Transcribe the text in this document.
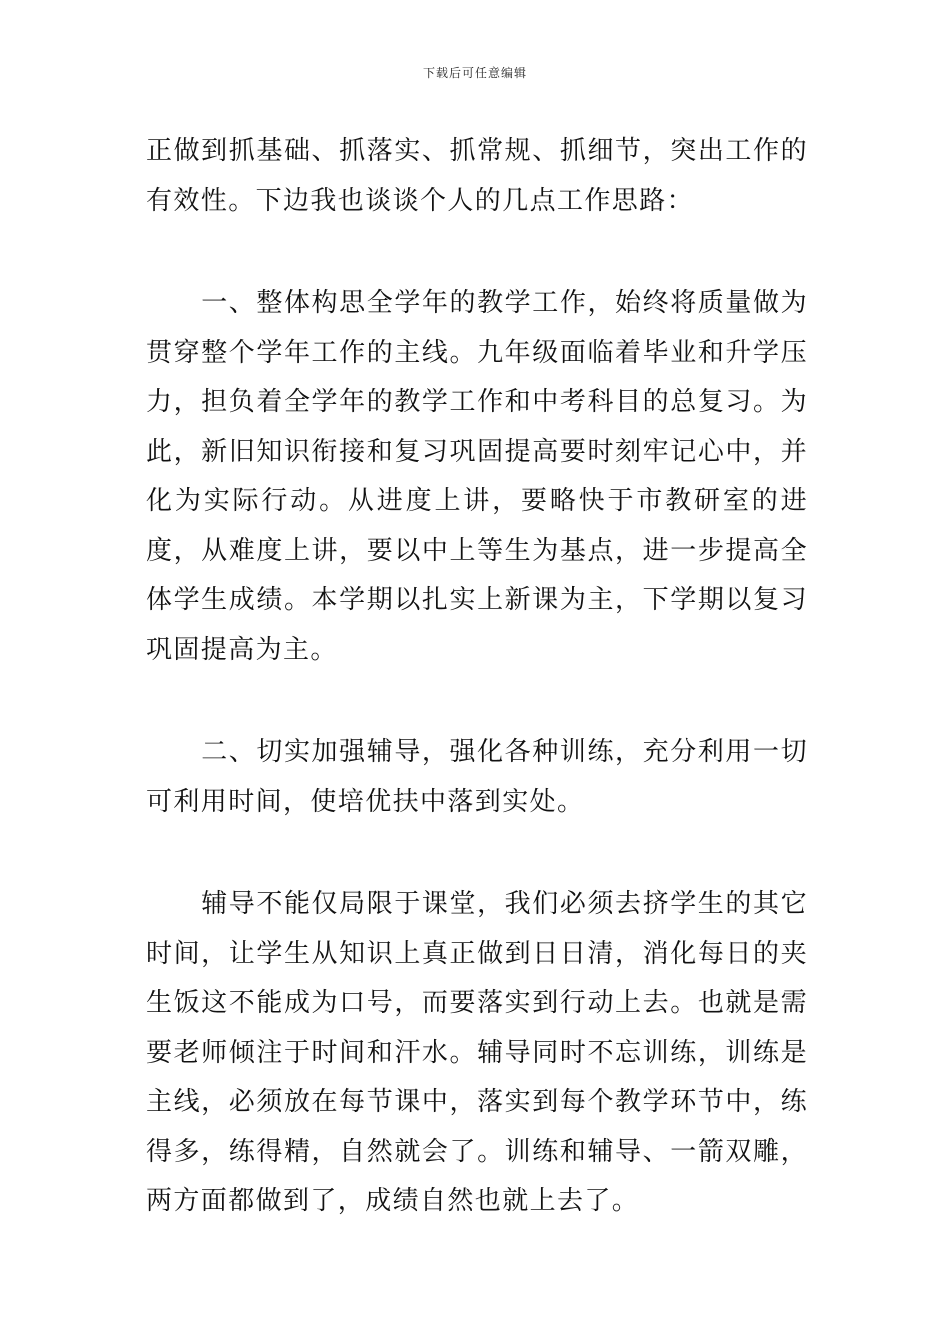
下载后可任意编辑

正做到抓基础、抓落实、抓常规、抓细节，突出工作的有效性。下边我也谈谈个人的几点工作思路：

　　一、整体构思全学年的教学工作，始终将质量做为贯穿整个学年工作的主线。九年级面临着毕业和升学压力，担负着全学年的教学工作和中考科目的总复习。为此，新旧知识衔接和复习巩固提高要时刻牢记心中，并化为实际行动。从进度上讲，要略快于市教研室的进度，从难度上讲，要以中上等生为基点，进一步提高全体学生成绩。本学期以扎实上新课为主，下学期以复习巩固提高为主。

　　二、切实加强辅导，强化各种训练，充分利用一切可利用时间，使培优扶中落到实处。

　　辅导不能仅局限于课堂，我们必须去挤学生的其它时间，让学生从知识上真正做到日日清，消化每日的夹生饭这不能成为口号，而要落实到行动上去。也就是需要老师倾注于时间和汗水。辅导同时不忘训练，训练是主线，必须放在每节课中，落实到每个教学环节中，练得多，练得精，自然就会了。训练和辅导、一箭双雕，两方面都做到了，成绩自然也就上去了。
